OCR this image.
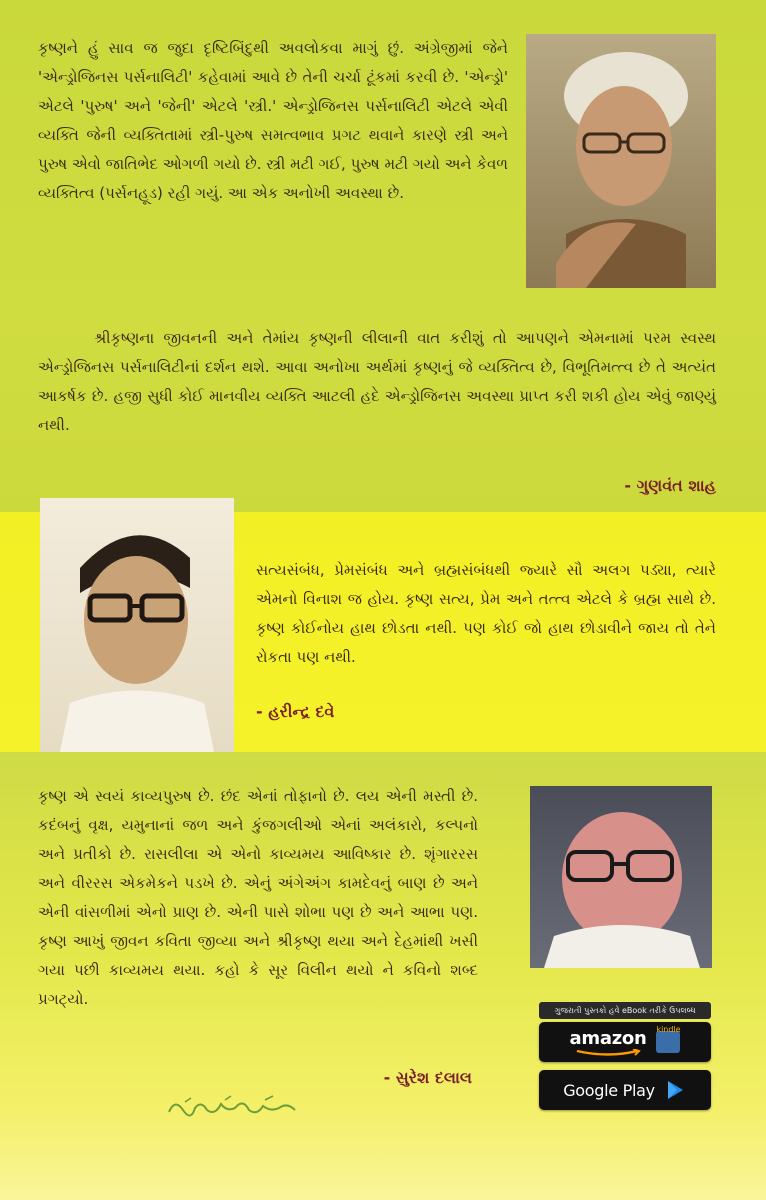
કૃષ્ણને હું સાવ જ જુદા દૃષ્ટિબિંદુથી અવલોકવા માગું છું. અંગ્રેજીમાં જેને 'એન્ડ્રોજિનસ પર્સનાલિટી' કહેવામાં આવે છે તેની ચર્ચા ટૂંકમાં કરવી છે. 'એન્ડ્રો' એટલે 'પુરુષ' અને 'જેની' એટલે 'સ્ત્રી.' એન્ડ્રોજિનસ પર્સનાલિટી એટલે એવી વ્યક્તિ જેની વ્યક્તિતામાં સ્ત્રી-પુરુષ સમત્વભાવ પ્રગટ થવાને કારણે સ્ત્રી અને પુરુષ એવો જાતિભેદ ઓગળી ગયો છે. સ્ત્રી મટી ગઈ, પુરુષ મટી ગયો અને કેવળ વ્યક્તિત્વ (પર્સનહૂડ) રહી ગયું. આ એક અનોખી અવસ્થા છે.

શ્રીકૃષ્ણના જીવનની અને તેમાંય કૃષ્ણની લીલાની વાત કરીશું તો આપણને એમનામાં પરમ સ્વસ્થ એન્ડ્રોજિનસ પર્સનાલિટીનાં દર્શન થશે. આવા અનોખા અર્થમાં કૃષ્ણનું જે વ્યક્તિત્વ છે, વિભૂતિમત્ત્વ છે તે અત્યંત આકર્ષક છે. હજી સુધી કોઈ માનવીય વ્યક્તિ આટલી હદે એન્ડ્રોજિનસ અવસ્થા પ્રાપ્ત કરી શકી હોય એવું જાણ્યું નથી.

- ગુણવંત શાહ

સત્યસંબંધ, પ્રેમસંબંધ અને બ્રહ્મસંબંધથી જ્યારે સૌ અલગ પડ્યા, ત્યારે એમનો વિનાશ જ હોય. કૃષ્ણ સત્ય, પ્રેમ અને તત્ત્વ એટલે કે બ્રહ્મ સાથે છે. કૃષ્ણ કોઈનોય હાથ છોડતા નથી. પણ કોઈ જો હાથ છોડાવીને જાય તો તેને રોકતા પણ નથી.

- હરીન્દ્ર દવે

કૃષ્ણ એ સ્વયં કાવ્યપુરુષ છે. છંદ એનાં તોફાનો છે. લય એની મસ્તી છે. કદંબનું વૃક્ષ, યમુનાનાં જળ અને કુંજગલીઓ એનાં અલંકારો, કલ્પનો અને પ્રતીકો છે. રાસલીલા એ એનો કાવ્યમય આવિષ્કાર છે. શૃંગારરસ અને વીરરસ એકમેકને પડખે છે. એનું અંગેઅંગ કામદેવનું બાણ છે અને એની વાંસળીમાં એનો પ્રાણ છે. એની પાસે શોભા પણ છે અને આભા પણ. કૃષ્ણ આખું જીવન કવિતા જીવ્યા અને શ્રીકૃષ્ણ થયા અને દેહમાંથી ખસી ગયા પછી કાવ્યમય થયા. કહો કે સૂર વિલીન થયો ને કવિનો શબ્દ પ્રગટ્યો.

- સુરેશ દલાલ

ગુજરાતી પુસ્તકો હવે eBook તરીકે ઉપલબ્ધ
amazon kindle
Google Play
